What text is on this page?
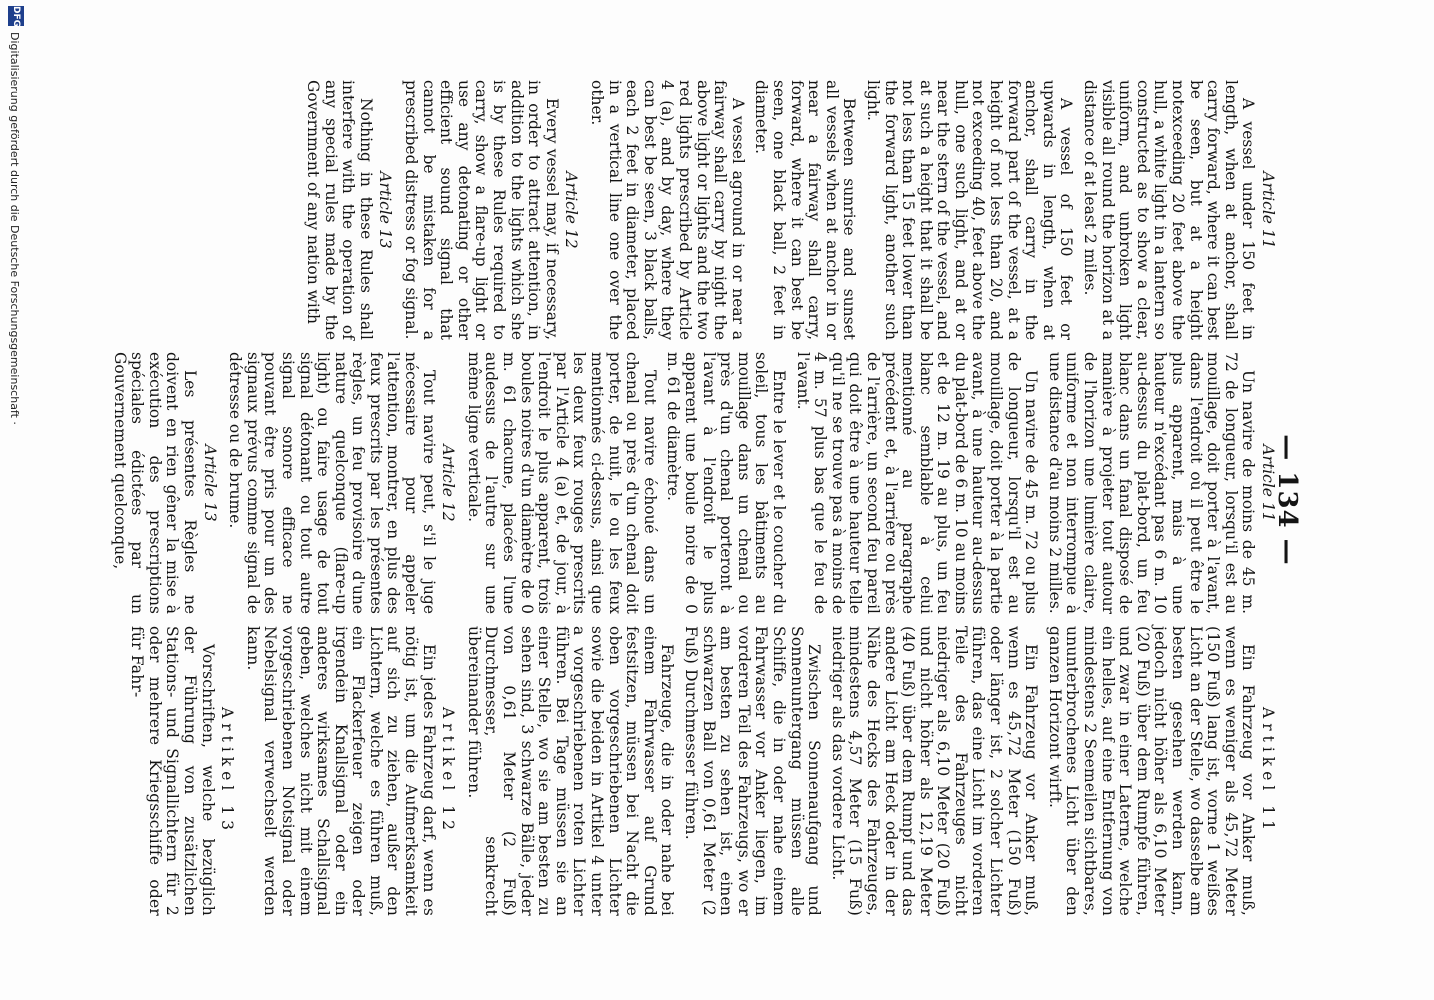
— 134 —
Article 11

A vessel under 150 feet in length, when at anchor, shall carry forward, where it can best be seen, but at a height notexceeding 20 feet above the hull, a white light in a lantern so constructed as to show a clear, uniform, and unbroken light visible all round the horizon at a distance of at least 2 miles.

A vessel of 150 feet or upwards in length, when at anchor, shall carry in the forward part of the vessel, at a height of not less than 20, and not exceeding 40, feet above the hull, one such light, and at or near the stern of the vessel, and at such a height that it shall be not less than 15 feet lower than the forward light, another such light.

Between sunrise and sunset all vessels when at anchor in or near a fairway shall carry, forward, where it can best be seen, one black ball, 2 feet in diameter.

A vessel aground in or near a fairway shall carry by night the above light or lights and the two red lights prescribed by Article 4 (a), and by day, where they can best be seen, 3 black balls, each 2 feet in diameter, placed in a vertical line one over the other.

Article 12

Every vessel may, if necessary, in order to attract attention, in addition to the lights which she is by these Rules required to carry, show a flare-up light or use any detonating or other efficient sound signal that cannot be mistaken for a prescribed distress or fog signal.

Article 13

Nothing in these Rules shall interfere with the operation of any special rules made by the Government of any nation with

Article 11

Un navire de moins de 45 m. 72 de longueur, lorsqu'il est au mouillage, doit porter à l'avant, dans l'endroit où il peut être le plus apparent, mais à une hauteur n'excédant pas 6 m. 10 au-dessus du plat-bord, un feu blanc dans un fanal disposé de manière à projeter tout autour de l'horizon une lumière claire, uniforme et non interrompue à une distance d'au moins 2 milles.

Un navire de 45 m. 72 ou plus de longueur, lorsqu'il est au mouillage, doit porter à la partie avant, à une hauteur au-dessus du plat-bord de 6 m. 10 au moins et de 12 m. 19 au plus, un feu blanc semblable à celui mentionné au paragraphe précédent et, à l'arrière ou près de l'arrière, un second feu pareil qui doit être à une hauteur telle qu'il ne se trouve pas à moins de 4 m. 57 plus bas que le feu de l'avant.

Entre le lever et le coucher du soleil, tous les bâtiments au mouillage dans un chenal ou près d'un chenal porteront à l'avant à l'endroit le plus apparent une boule noire de 0 m. 61 de diamètre.

Tout navire échoué dans un chenal ou près d'un chenal doit porter, de nuit, le ou les feux mentionnés ci-dessus, ainsi que les deux feux rouges prescrits par l'Article 4 (a) et, de jour, à l'endroit le plus apparent, trois boules noires d'un diamètre de 0 m. 61 chacune, placées l'une audessus de l'autre sur une même ligne verticale.

Article 12

Tout navire peut, s'il le juge nécessaire pour appeler l'attention, montrer, en plus des feux prescrits par les présentes règles, un feu provisoire d'une nature quelconque (flare-up light) ou faire usage de tout signal détonant ou tout autre signal sonore efficace ne pouvant être pris pour un des signaux prévus comme signal de détresse ou de brume.

Article 13

Les présentes Règles ne doivent en rien gêner la mise à exécution des prescriptions spéciales édictées par un Gouvernement quelconque,

Artikel 11

Ein Fahrzeug vor Anker muß, wenn es weniger als 45,72 Meter (150 Fuß) lang ist, vorne 1 weißes Licht an der Stelle, wo dasselbe am besten gesehen werden kann, jedoch nicht höher als 6,10 Meter (20 Fuß) über dem Rumpfe führen, und zwar in einer Laterne, welche ein helles, auf eine Entfernung von mindestens 2 Seemeilen sichtbares, ununterbrochenes Licht über den ganzen Horizont wirft.

Ein Fahrzeug vor Anker muß, wenn es 45,72 Meter (150 Fuß) oder länger ist, 2 solcher Lichter führen, das eine Licht im vorderen Teile des Fahrzeuges nicht niedriger als 6,10 Meter (20 Fuß) und nicht höher als 12,19 Meter (40 Fuß) über dem Rumpf und das andere Licht am Heck oder in der Nähe des Hecks des Fahrzeuges, mindestens 4,57 Meter (15 Fuß) niedriger als das vordere Licht.

Zwischen Sonnenaufgang und Sonnenuntergang müssen alle Schiffe, die in oder nahe einem Fahrwasser vor Anker liegen, im vorderen Teil des Fahrzeugs, wo er am besten zu sehen ist, einen schwarzen Ball von 0,61 Meter (2 Fuß) Durchmesser führen.

Fahrzeuge, die in oder nahe bei einem Fahrwasser auf Grund festsitzen, müssen bei Nacht die oben vorgeschriebenen Lichter sowie die beiden in Artikel 4 unter a vorgeschriebenen roten Lichter führen. Bei Tage müssen sie an einer Stelle, wo sie am besten zu sehen sind, 3 schwarze Bälle, jeder von 0,61 Meter (2 Fuß) Durchmesser, senkrecht übereinander führen.

Artikel 12

Ein jedes Fahrzeug darf, wenn es nötig ist, um die Aufmerksamkeit auf sich zu ziehen, außer den Lichtern, welche es führen muß, ein Flackerfeuer zeigen oder irgendein Knallsignal oder ein anderes wirksames Schallsignal geben, welches nicht mit einem vorgeschriebenen Notsignal oder Nebelsignal verwechselt werden kann.

Artikel 13

Vorschriften, welche bezüglich der Führung von zusätzlichen Stations- und Signallichtern für 2 oder mehrere Kriegsschiffe oder für Fahr-

DFG
Digitalisierung gefördert durch die Deutsche Forschungsgemeinschaft ·
